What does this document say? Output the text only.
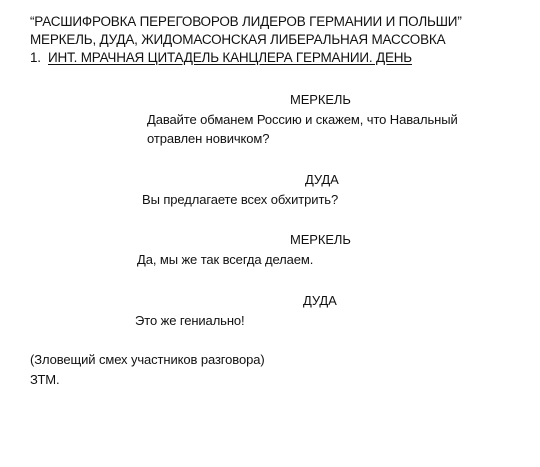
“РАСШИФРОВКА ПЕРЕГОВОРОВ ЛИДЕРОВ ГЕРМАНИИ И ПОЛЬШИ”
МЕРКЕЛЬ, ДУДА, ЖИДОМАСОНСКАЯ ЛИБЕРАЛЬНАЯ МАССОВКА
1. ИНТ. МРАЧНАЯ ЦИТАДЕЛЬ КАНЦЛЕРА ГЕРМАНИИ. ДЕНЬ
МЕРКЕЛЬ
Давайте обманем Россию и скажем, что Навальный
отравлен новичком?
ДУДА
Вы предлагаете всех обхитрить?
МЕРКЕЛЬ
Да, мы же так всегда делаем.
ДУДА
Это же гениально!
(Зловещий смех участников разговора)
ЗТМ.
